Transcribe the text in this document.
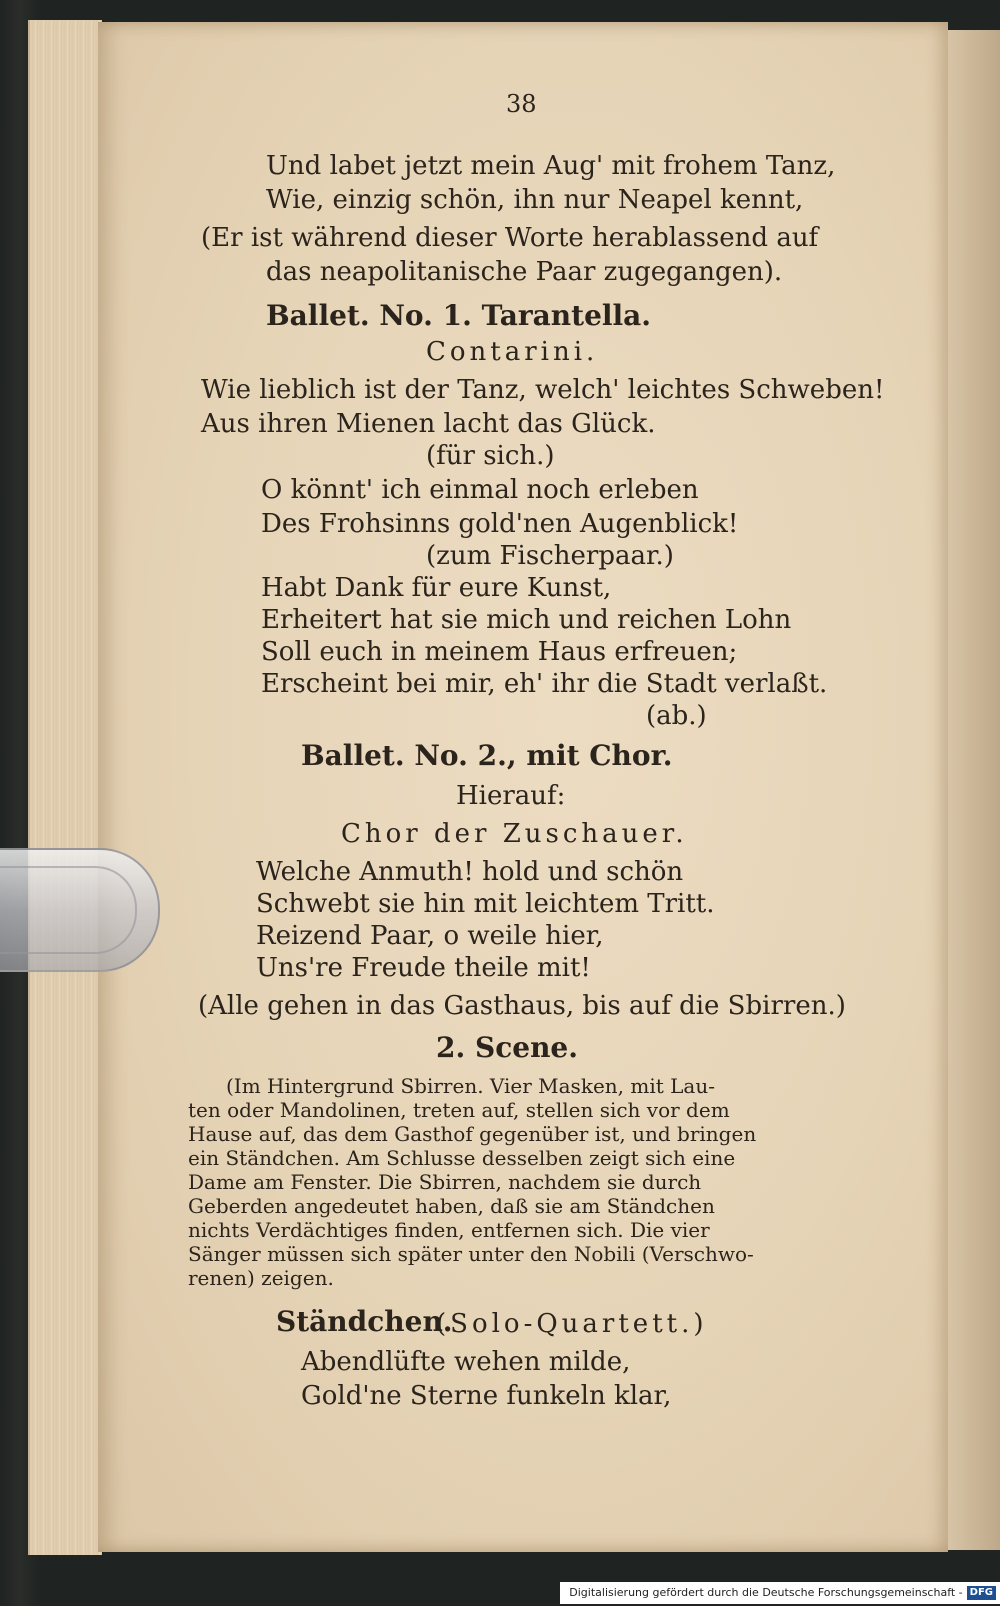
38
Und labet jetzt mein Aug' mit frohem Tanz,
Wie, einzig schön, ihn nur Neapel kennt,
(Er ist während dieser Worte herablassend auf
das neapolitanische Paar zugegangen).
Ballet. No. 1. Tarantella.
Contarini.
Wie lieblich ist der Tanz, welch' leichtes Schweben!
Aus ihren Mienen lacht das Glück.
(für sich.)
O könnt' ich einmal noch erleben
Des Frohsinns gold'nen Augenblick!
(zum Fischerpaar.)
Habt Dank für eure Kunst,
Erheitert hat sie mich und reichen Lohn
Soll euch in meinem Haus erfreuen;
Erscheint bei mir, eh' ihr die Stadt verlaßt.
(ab.)
Ballet. No. 2., mit Chor.
Hierauf:
Chor der Zuschauer.
Welche Anmuth! hold und schön
Schwebt sie hin mit leichtem Tritt.
Reizend Paar, o weile hier,
Uns're Freude theile mit!
(Alle gehen in das Gasthaus, bis auf die Sbirren.)
2. Scene.
(Im Hintergrund Sbirren. Vier Masken, mit Lau-
ten oder Mandolinen, treten auf, stellen sich vor dem
Hause auf, das dem Gasthof gegenüber ist, und bringen
ein Ständchen. Am Schlusse desselben zeigt sich eine
Dame am Fenster. Die Sbirren, nachdem sie durch
Geberden angedeutet haben, daß sie am Ständchen
nichts Verdächtiges finden, entfernen sich. Die vier
Sänger müssen sich später unter den Nobili (Verschwo-
renen) zeigen.
Ständchen.
(Solo-Quartett.)
Abendlüfte wehen milde,
Gold'ne Sterne funkeln klar,
Digitalisierung gefördert durch die Deutsche Forschungsgemeinschaft - DFG
